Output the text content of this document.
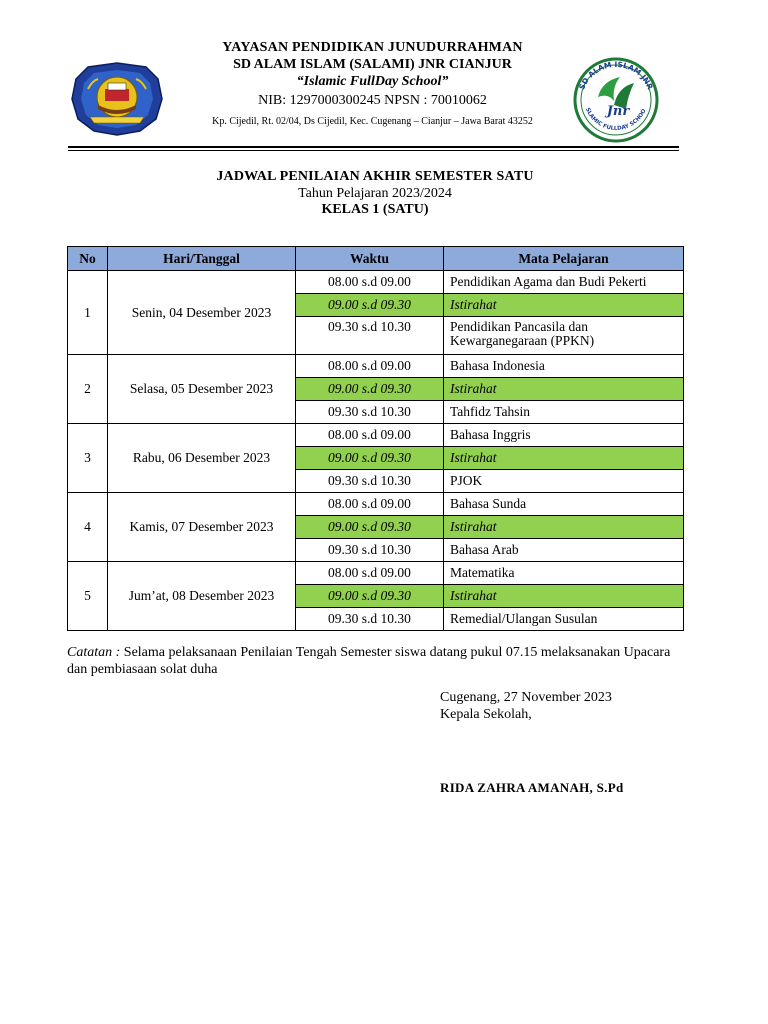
YAYASAN PENDIDIKAN JUNUDURRAHMAN
SD ALAM ISLAM (SALAMI) JNR CIANJUR
“Islamic FullDay School”
NIB: 1297000300245 NPSN : 70010062
Kp. Cijedil, Rt. 02/04, Ds Cijedil, Kec. Cugenang – Cianjur – Jawa Barat 43252
SD ALAM ISLAM JNR
SLAMIC FULLDAY SCHOO
Jnr
JADWAL PENILAIAN AKHIR SEMESTER SATU
Tahun Pelajaran 2023/2024
KELAS 1 (SATU)
No	Hari/Tanggal	Waktu	Mata Pelajaran
1	Senin, 04 Desember 2023	08.00 s.d 09.00	Pendidikan Agama dan Budi Pekerti
		09.00 s.d 09.30	Istirahat
		09.30 s.d 10.30	Pendidikan Pancasila dan Kewarganegaraan (PPKN)
2	Selasa, 05 Desember 2023	08.00 s.d 09.00	Bahasa Indonesia
		09.00 s.d 09.30	Istirahat
		09.30 s.d 10.30	Tahfidz Tahsin
3	Rabu, 06 Desember 2023	08.00 s.d 09.00	Bahasa Inggris
		09.00 s.d 09.30	Istirahat
		09.30 s.d 10.30	PJOK
4	Kamis, 07 Desember 2023	08.00 s.d 09.00	Bahasa Sunda
		09.00 s.d 09.30	Istirahat
		09.30 s.d 10.30	Bahasa Arab
5	Jum’at, 08 Desember 2023	08.00 s.d 09.00	Matematika
		09.00 s.d 09.30	Istirahat
		09.30 s.d 10.30	Remedial/Ulangan Susulan
Catatan : Selama pelaksanaan Penilaian Tengah Semester siswa datang pukul 07.15 melaksanakan Upacara dan pembiasaan solat duha
Cugenang, 27 November 2023
Kepala Sekolah,
RIDA ZAHRA AMANAH, S.Pd
